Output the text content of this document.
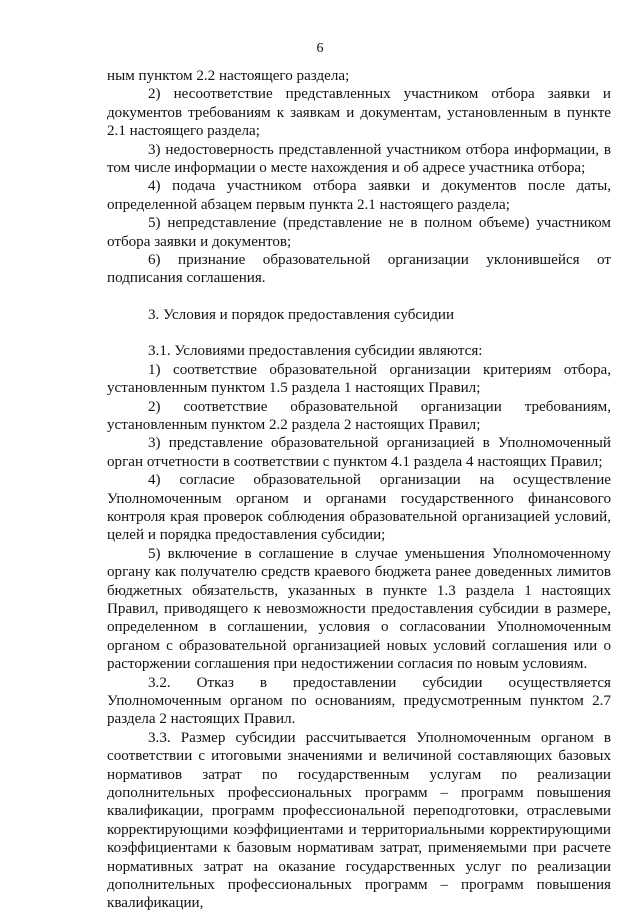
6

ным пунктом 2.2 настоящего раздела;

2) несоответствие представленных участником отбора заявки и документов требованиям к заявкам и документам, установленным в пункте 2.1 настоящего раздела;

3) недостоверность представленной участником отбора информации, в том числе информации о месте нахождения и об адресе участника отбора;

4) подача участником отбора заявки и документов после даты, определенной абзацем первым пункта 2.1 настоящего раздела;

5) непредставление (представление не в полном объеме) участником отбора заявки и документов;

6) признание образовательной организации уклонившейся от подписания соглашения.

3. Условия и порядок предоставления субсидии

3.1. Условиями предоставления субсидии являются:

1) соответствие образовательной организации критериям отбора, установленным пунктом 1.5 раздела 1 настоящих Правил;

2) соответствие образовательной организации требованиям, установленным пунктом 2.2 раздела 2 настоящих Правил;

3) представление образовательной организацией в Уполномоченный орган отчетности в соответствии с пунктом 4.1 раздела 4 настоящих Правил;

4) согласие образовательной организации на осуществление Уполномоченным органом и органами государственного финансового контроля края проверок соблюдения образовательной организацией условий, целей и порядка предоставления субсидии;

5) включение в соглашение в случае уменьшения Уполномоченному органу как получателю средств краевого бюджета ранее доведенных лимитов бюджетных обязательств, указанных в пункте 1.3 раздела 1 настоящих Правил, приводящего к невозможности предоставления субсидии в размере, определенном в соглашении, условия о согласовании Уполномоченным органом с образовательной организацией новых условий соглашения или о расторжении соглашения при недостижении согласия по новым условиям.

3.2. Отказ в предоставлении субсидии осуществляется Уполномоченным органом по основаниям, предусмотренным пунктом 2.7 раздела 2 настоящих Правил.

3.3. Размер субсидии рассчитывается Уполномоченным органом в соответствии с итоговыми значениями и величиной составляющих базовых нормативов затрат по государственным услугам по реализации дополнительных профессиональных программ – программ повышения квалификации, программ профессиональной переподготовки, отраслевыми корректирующими коэффициентами и территориальными корректирующими коэффициентами к базовым нормативам затрат, применяемыми при расчете нормативных затрат на оказание государственных услуг по реализации дополнительных профессиональных программ – программ повышения квалификации,
